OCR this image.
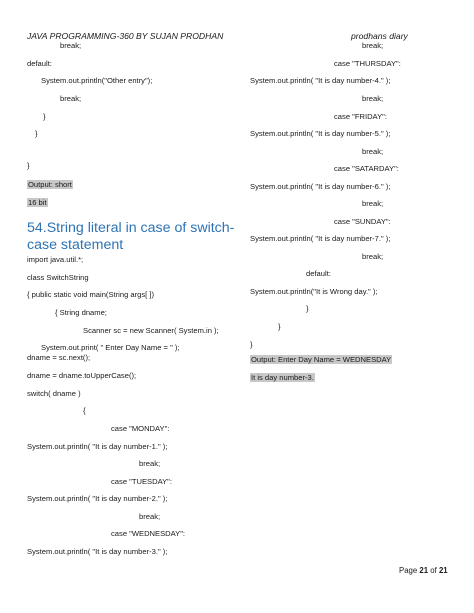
JAVA PROGRAMMING-360 BY SUJAN PRODHAN	prodhans diary
break;
default:
System.out.println("Other entry");
break;
}
}
}
Output: short
16 bit
54.String literal in case of switch-
case statement
import java.util.*;
class SwitchString
{ public static void main(String args[ ])
{ String dname;
Scanner sc = new Scanner( System.in );
System.out.print( " Enter Day Name = " );
dname = sc.next();
dname = dname.toUpperCase();
switch( dname )
{
case "MONDAY":
System.out.println( "It is day number-1." );
break;
case "TUESDAY":
System.out.println( "It is day number-2." );
break;
case "WEDNESDAY":
System.out.println( "It is day number-3." );
break;
case "THURSDAY":
System.out.println( "It is day number-4." );
break;
case "FRIDAY":
System.out.println( "It is day number-5." );
break;
case "SATARDAY":
System.out.println( "It is day number-6." );
break;
case "SUNDAY":
System.out.println( "It is day number-7." );
break;
default:
System.out.println("It is Wrong day." );
}
}
}
Output: Enter Day Name = WEDNESDAY
It is day number-3.
Page 21 of 21
